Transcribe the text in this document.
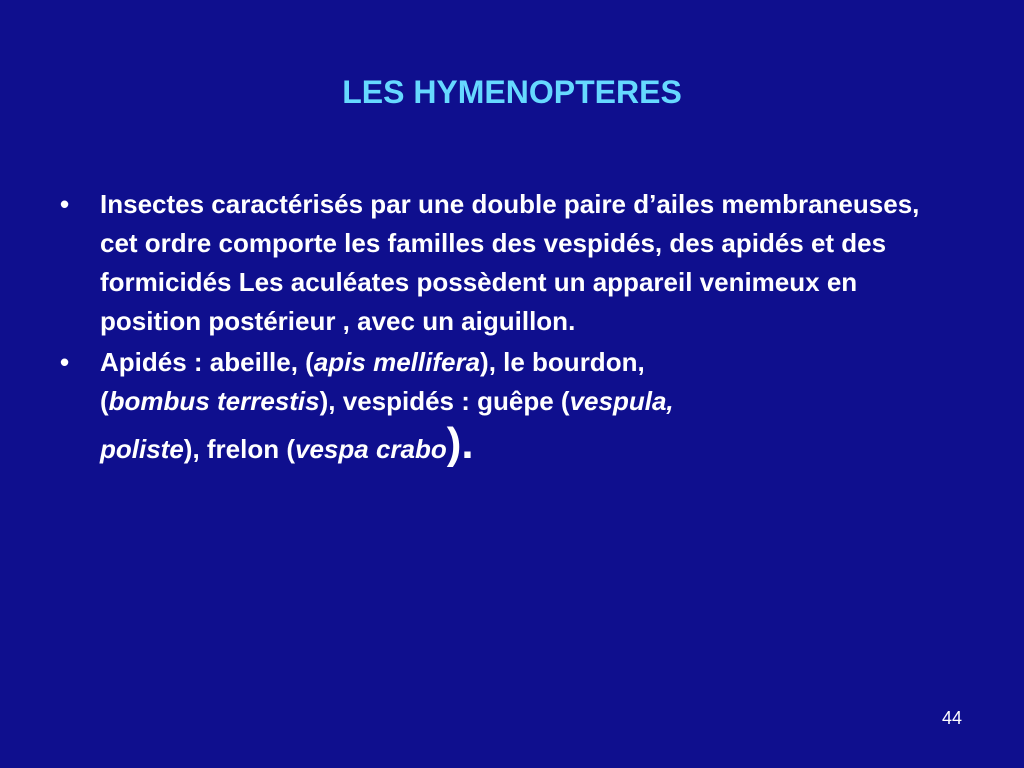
LES HYMENOPTERES
• Insectes caractérisés par une double paire d’ailes membraneuses, cet ordre comporte les familles des vespidés, des apidés et des formicidés Les aculéates possèdent un appareil venimeux en position postérieur , avec un aiguillon.
• Apidés : abeille, (apis mellifera), le bourdon,
(bombus terrestis), vespidés : guêpe (vespula,
poliste), frelon (vespa crabo).
44
